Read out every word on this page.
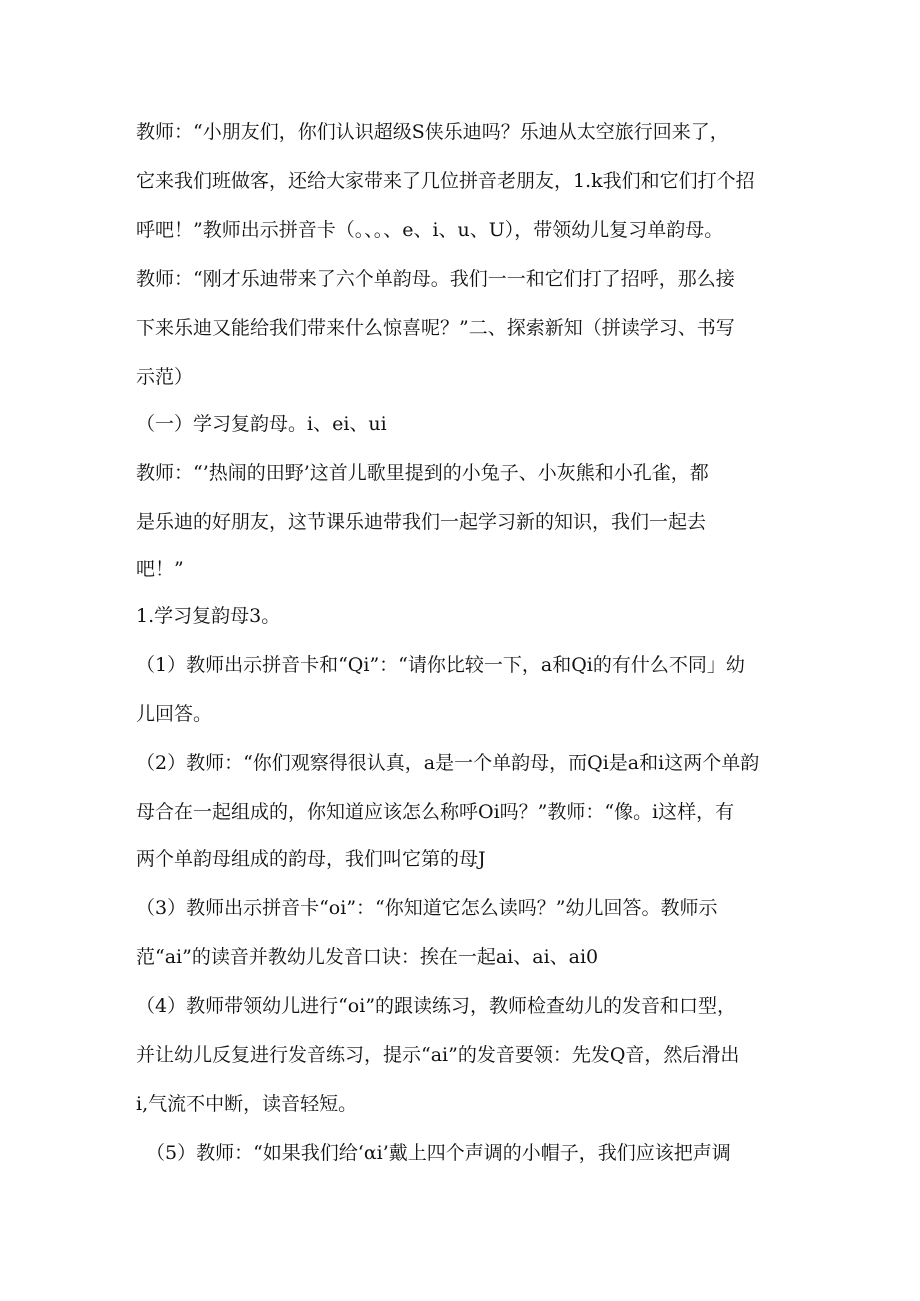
教师：“小朋友们，你们认识超级S侠乐迪吗？乐迪从太空旅行回来了，
它来我们班做客，还给大家带来了几位拼音老朋友，1.k我们和它们打个招
呼吧！”教师出示拼音卡（。、。、e、i、u、U），带领幼儿复习单韵母。
教师：“刚才乐迪带来了六个单韵母。我们一一和它们打了招呼，那么接
下来乐迪又能给我们带来什么惊喜呢？”二、探索新知（拼读学习、书写
示范）
（一）学习复韵母。i、ei、ui
教师：“’热闹的田野’这首儿歌里提到的小兔子、小灰熊和小孔雀，都
是乐迪的好朋友，这节课乐迪带我们一起学习新的知识，我们一起去
吧！”
1.学习复韵母3。
（1）教师出示拼音卡和“Qi”：“请你比较一下，a和Qi的有什么不同」幼
儿回答。
（2）教师：“你们观察得很认真，a是一个单韵母，而Qi是a和i这两个单韵
母合在一起组成的，你知道应该怎么称呼Oi吗？”教师：“像。i这样，有
两个单韵母组成的韵母，我们叫它第的母J
（3）教师出示拼音卡“oi”：“你知道它怎么读吗？”幼儿回答。教师示
范“ai”的读音并教幼儿发音口诀：挨在一起ai、ai、ai0
（4）教师带领幼儿进行“oi”的跟读练习，教师检查幼儿的发音和口型，
并让幼儿反复进行发音练习，提示“ai”的发音要领：先发Q音，然后滑出
i,气流不中断，读音轻短。
（5）教师：“如果我们给‘αi’戴上四个声调的小帽子，我们应该把声调
